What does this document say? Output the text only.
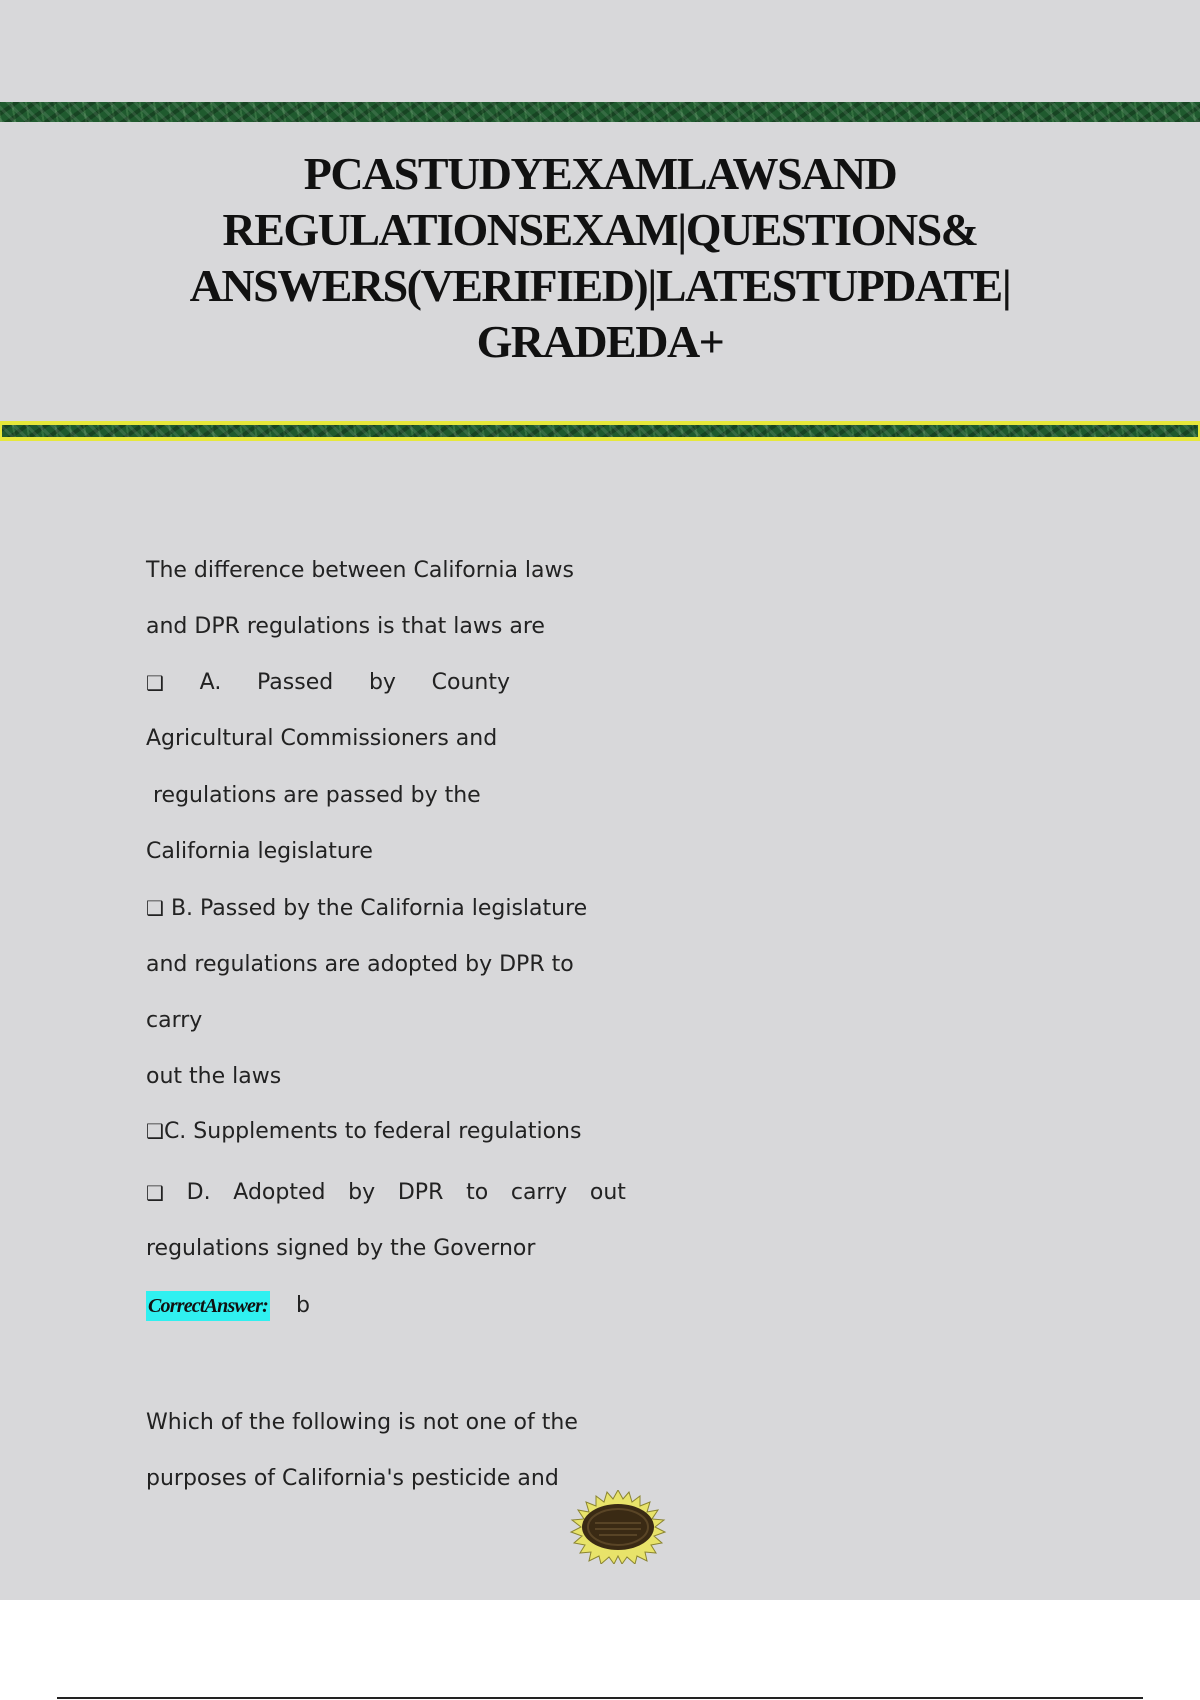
PCASTUDYEXAMLAWSAND
REGULATIONSEXAM|QUESTIONS&
ANSWERS(VERIFIED)|LATESTUPDATE|
GRADEDA+
The difference between California laws
and DPR regulations is that laws are
❑ A. Passed by County
Agricultural Commissioners and
regulations are passed by the
California legislature
❑ B. Passed by the California legislature
and regulations are adopted by DPR to
carry
out the laws
❑C. Supplements to federal regulations
❑ D. Adopted by DPR to carry out
regulations signed by the Governor
CorrectAnswer: b
Which of the following is not one of the
purposes of California's pesticide and
